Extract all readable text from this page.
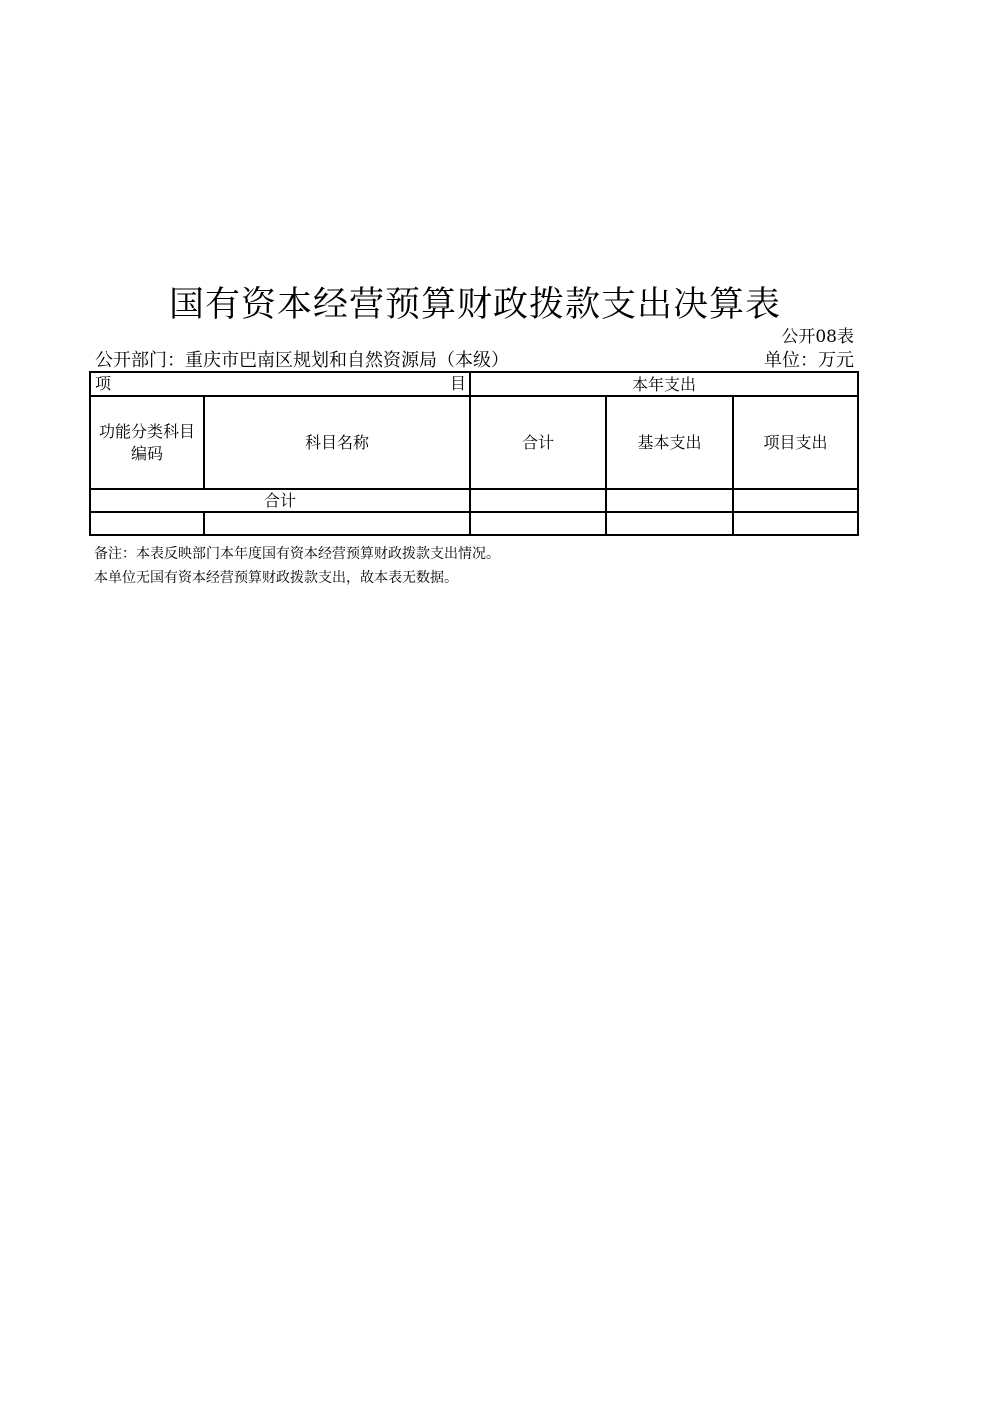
国有资本经营预算财政拨款支出决算表
公开08表
公开部门：重庆市巴南区规划和自然资源局（本级）	单位：万元
项 目		本年支出		
功能分类科目编码	科目名称	合计	基本支出	项目支出
合计				

备注：本表反映部门本年度国有资本经营预算财政拨款支出情况。
本单位无国有资本经营预算财政拨款支出，故本表无数据。
